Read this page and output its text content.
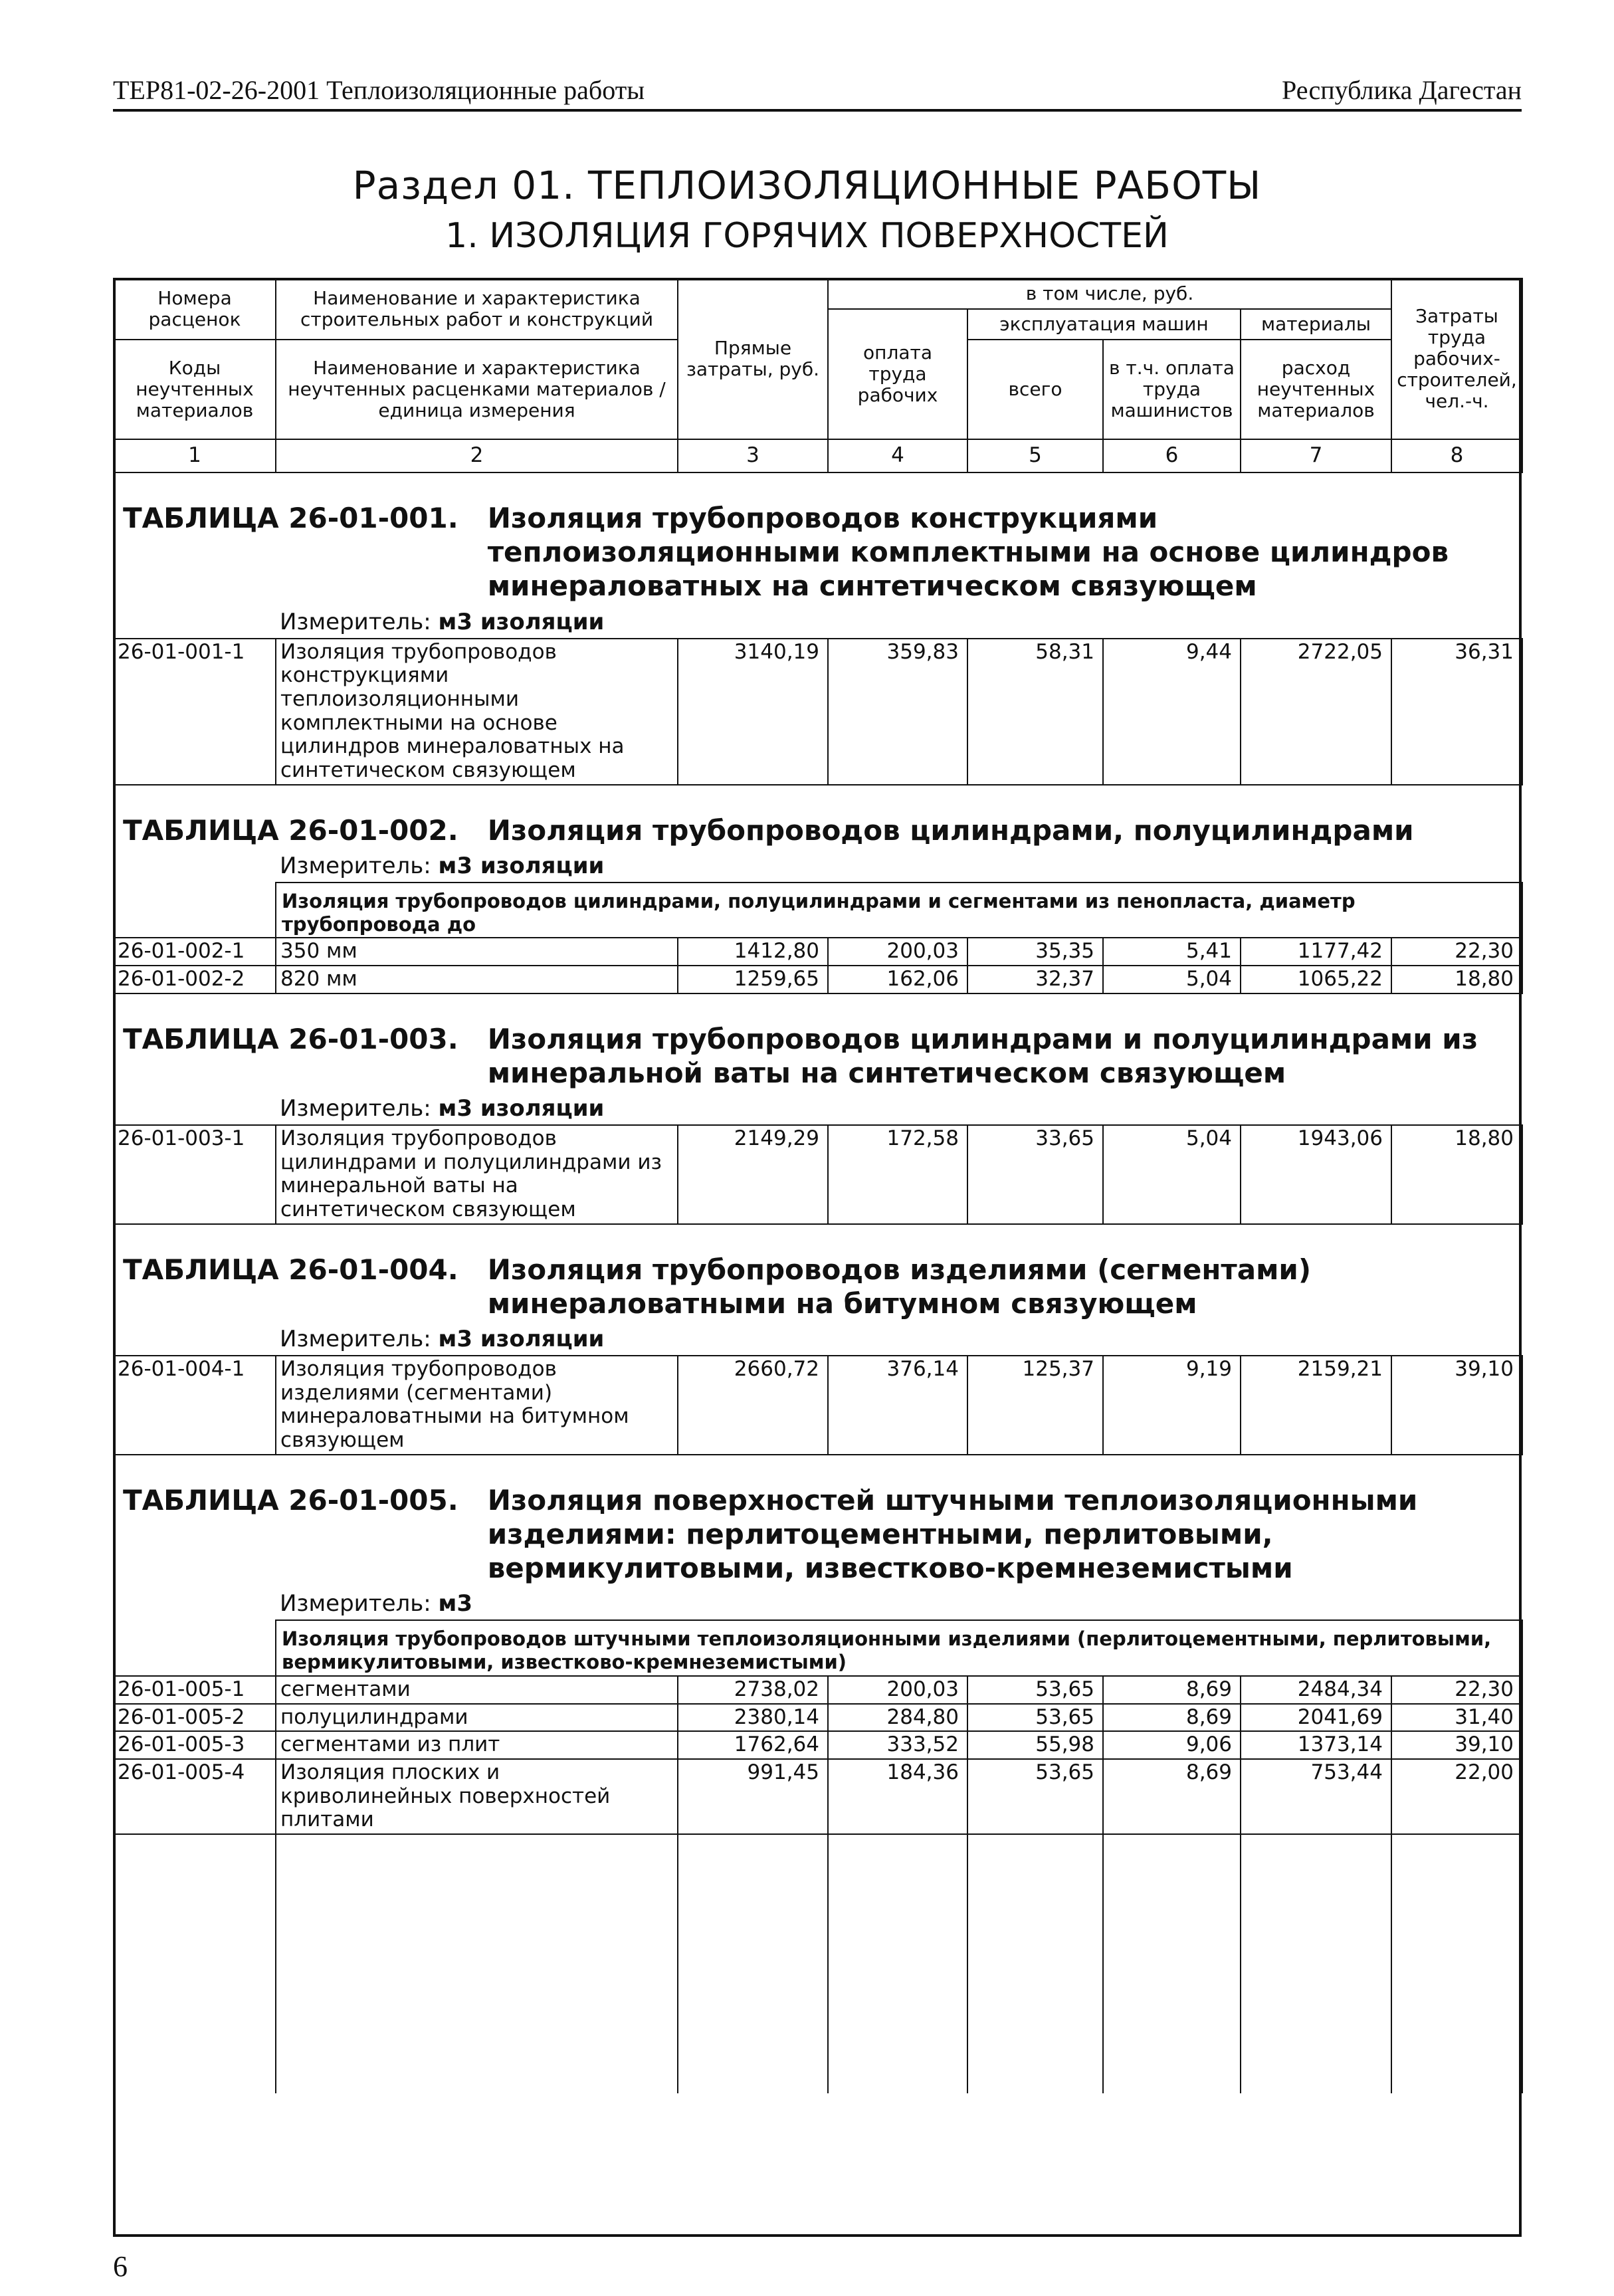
ТЕР81-02-26-2001 Теплоизоляционные работы	Республика Дагестан
Раздел 01. ТЕПЛОИЗОЛЯЦИОННЫЕ РАБОТЫ
1. ИЗОЛЯЦИЯ ГОРЯЧИХ ПОВЕРХНОСТЕЙ
Номера расценок	Наименование и характеристика строительных работ и конструкций	Прямые затраты, руб.	в том числе, руб.				Затраты труда рабочих-строителей, чел.-ч.
			оплата труда рабочих	эксплуатация машин		материалы	
Коды неучтенных материалов	Наименование и характеристика неучтенных расценками материалов / единица измерения			всего	в т.ч. оплата труда машинистов	расход неучтенных материалов	

1	2	3	4	5	6	7	8

ТАБЛИЦА 26-01-001. Изоляция трубопроводов конструкциями теплоизоляционными комплектными на основе цилиндров минераловатных на синтетическом связующем							

	Измеритель: м3 изоляции						
26-01-001-1	Изоляция трубопроводов конструкциями теплоизоляционными комплектными на основе цилиндров минераловатных на синтетическом связующем	3140,19	359,83	58,31	9,44	2722,05	36,31

ТАБЛИЦА 26-01-002. Изоляция трубопроводов цилиндрами, полуцилиндрами							

	Измеритель: м3 изоляции						
	Изоляция трубопроводов цилиндрами, полуцилиндрами и сегментами из пенопласта, диаметр трубопровода до						
26-01-002-1	350 мм	1412,80	200,03	35,35	5,41	1177,42	22,30
26-01-002-2	820 мм	1259,65	162,06	32,37	5,04	1065,22	18,80

ТАБЛИЦА 26-01-003. Изоляция трубопроводов цилиндрами и полуцилиндрами из минеральной ваты на синтетическом связующем							

	Измеритель: м3 изоляции						
26-01-003-1	Изоляция трубопроводов цилиндрами и полуцилиндрами из минеральной ваты на синтетическом связующем	2149,29	172,58	33,65	5,04	1943,06	18,80

ТАБЛИЦА 26-01-004. Изоляция трубопроводов изделиями (сегментами) минераловатными на битумном связующем							

	Измеритель: м3 изоляции						
26-01-004-1	Изоляция трубопроводов изделиями (сегментами) минераловатными на битумном связующем	2660,72	376,14	125,37	9,19	2159,21	39,10

ТАБЛИЦА 26-01-005. Изоляция поверхностей штучными теплоизоляционными изделиями: перлитоцементными, перлитовыми, вермикулитовыми, известково-кремнеземистыми							

	Измеритель: м3						
	Изоляция трубопроводов штучными теплоизоляционными изделиями (перлитоцементными, перлитовыми, вермикулитовыми, известково-кремнеземистыми)						
26-01-005-1	сегментами	2738,02	200,03	53,65	8,69	2484,34	22,30
26-01-005-2	полуцилиндрами	2380,14	284,80	53,65	8,69	2041,69	31,40
26-01-005-3	сегментами из плит	1762,64	333,52	55,98	9,06	1373,14	39,10
26-01-005-4	Изоляция плоских и криволинейных поверхностей плитами	991,45	184,36	53,65	8,69	753,44	22,00

6
